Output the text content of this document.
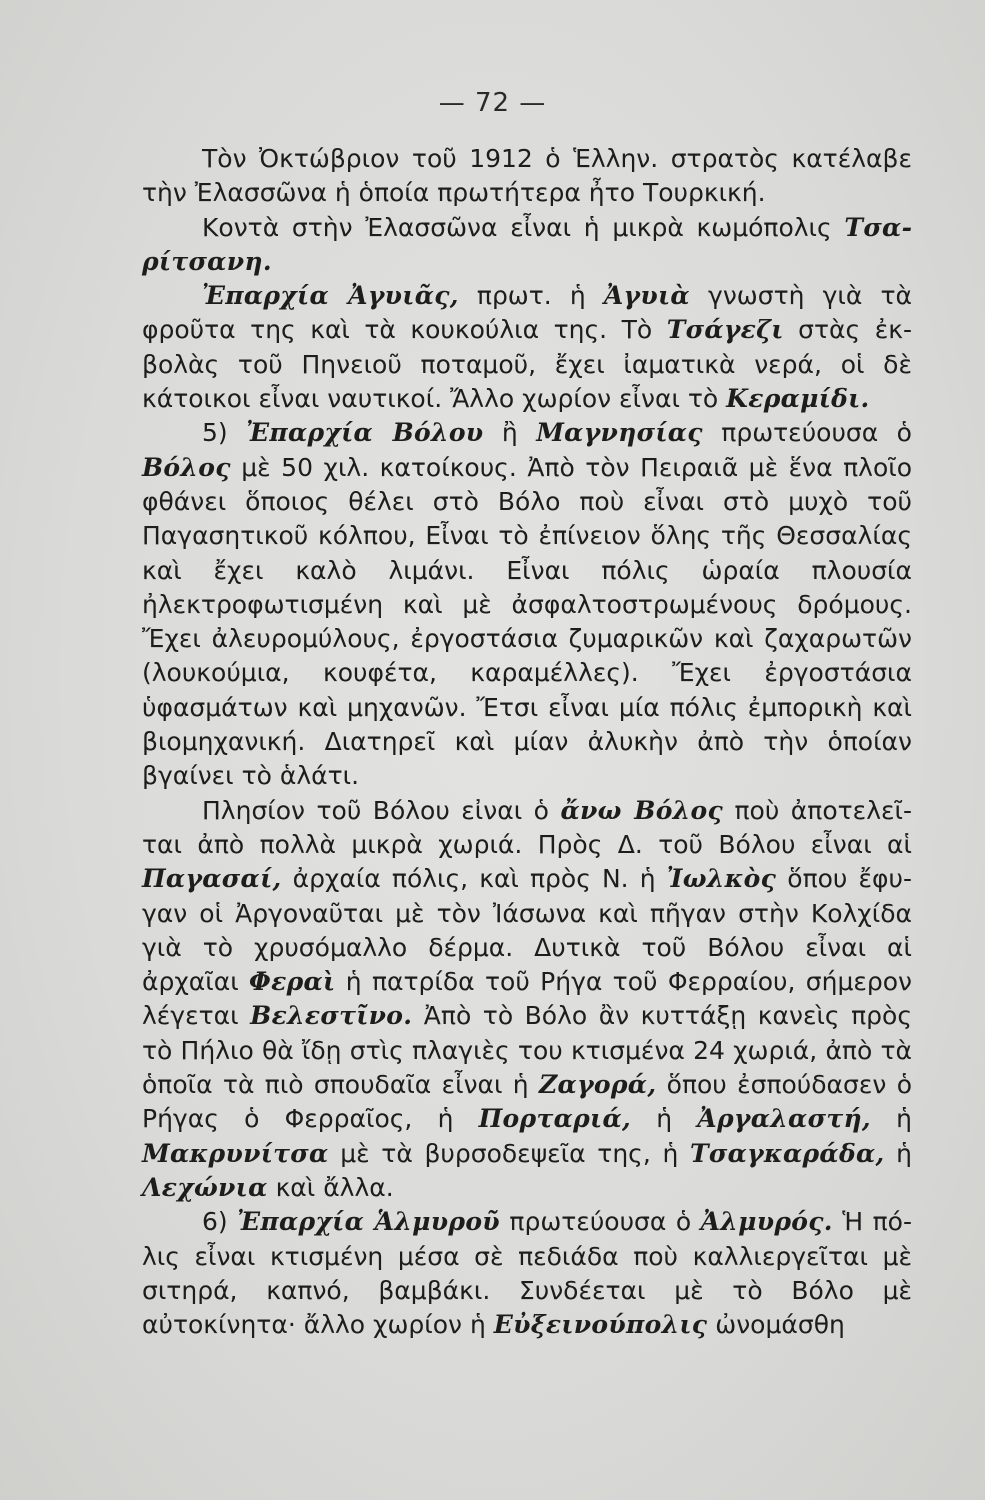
— 72 —

Τὸν Ὀκτώβριον τοῦ 1912 ὁ Ἑλλην. στρατὸς κατέλαβε τὴν Ἐλασσῶνα ἡ ὁποία πρωτήτερα ἦτο Τουρκική.

Κοντὰ στὴν Ἐλασσῶνα εἶναι ἡ μικρὰ κωμόπολις Τσαρίτσανη.

Ἐπαρχία Ἀγυιᾶς, πρωτ. ἡ Ἀγυιὰ γνωστὴ γιὰ τὰ φροῦτα της καὶ τὰ κουκούλια της. Τὸ Τσάγεζι στὰς ἐκβολὰς τοῦ Πηνειοῦ ποταμοῦ, ἔχει ἰαματικὰ νερά, οἱ δὲ κάτοικοι εἶναι ναυτικοί. Ἄλλο χωρίον εἶναι τὸ Κεραμίδι.

5) Ἐπαρχία Βόλου ἢ Μαγνησίας πρωτεύουσα ὁ Βόλος μὲ 50 χιλ. κατοίκους. Ἀπὸ τὸν Πειραιᾶ μὲ ἕνα πλοῖο φθάνει ὅποιος θέλει στὸ Βόλο ποὺ εἶναι στὸ μυχὸ τοῦ Παγασητικοῦ κόλπου, Εἶναι τὸ ἐπίνειον ὅλης τῆς Θεσσαλίας καὶ ἔχει καλὸ λιμάνι. Εἶναι πόλις ὡραία πλουσία ἠλεκτροφωτισμένη καὶ μὲ ἀσφαλτοστρωμένους δρόμους. Ἔχει ἀλευρομύλους, ἐργοστάσια ζυμαρικῶν καὶ ζαχαρωτῶν (λουκούμια, κουφέτα, καραμέλλες). Ἔχει ἐργοστάσια ὑφασμάτων καὶ μηχανῶν. Ἔτσι εἶναι μία πόλις ἐμπορικὴ καὶ βιομηχανική. Διατηρεῖ καὶ μίαν ἀλυκὴν ἀπὸ τὴν ὁποίαν βγαίνει τὸ ἁλάτι.

Πλησίον τοῦ Βόλου εἰναι ὁ ἄνω Βόλος ποὺ ἀποτελεῖται ἀπὸ πολλὰ μικρὰ χωριά. Πρὸς Δ. τοῦ Βόλου εἶναι αἱ Παγασαί, ἀρχαία πόλις, καὶ πρὸς Ν. ἡ Ἰωλκὸς ὅπου ἔφυγαν οἱ Ἀργοναῦται μὲ τὸν Ἰάσωνα καὶ πῆγαν στὴν Κολχίδα γιὰ τὸ χρυσόμαλλο δέρμα. Δυτικὰ τοῦ Βόλου εἶναι αἱ ἀρχαῖαι Φεραὶ ἡ πατρίδα τοῦ Ρήγα τοῦ Φερραίου, σήμερον λέγεται Βελεστῖνο. Ἀπὸ τὸ Βόλο ἂν κυττάξῃ κανεὶς πρὸς τὸ Πήλιο θὰ ἴδῃ στὶς πλαγιὲς του κτισμένα 24 χωριά, ἀπὸ τὰ ὁποῖα τὰ πιὸ σπουδαῖα εἶναι ἡ Ζαγορά, ὅπου ἐσπούδασεν ὁ Ρήγας ὁ Φερραῖος, ἡ Πορταριά, ἡ Ἀργαλαστή, ἡ Μακρυνίτσα μὲ τὰ βυρσοδεψεῖα της, ἡ Τσαγκαράδα, ἡ Λεχώνια καὶ ἄλλα.

6) Ἐπαρχία Ἁλμυροῦ πρωτεύουσα ὁ Ἀλμυρός. Ἡ πόλις εἶναι κτισμένη μέσα σὲ πεδιάδα ποὺ καλλιεργεῖται μὲ σιτηρά, καπνό, βαμβάκι. Συνδέεται μὲ τὸ Βόλο μὲ αὐτοκίνητα· ἄλλο χωρίον ἡ Εὐξεινούπολις ὠνομάσθη
